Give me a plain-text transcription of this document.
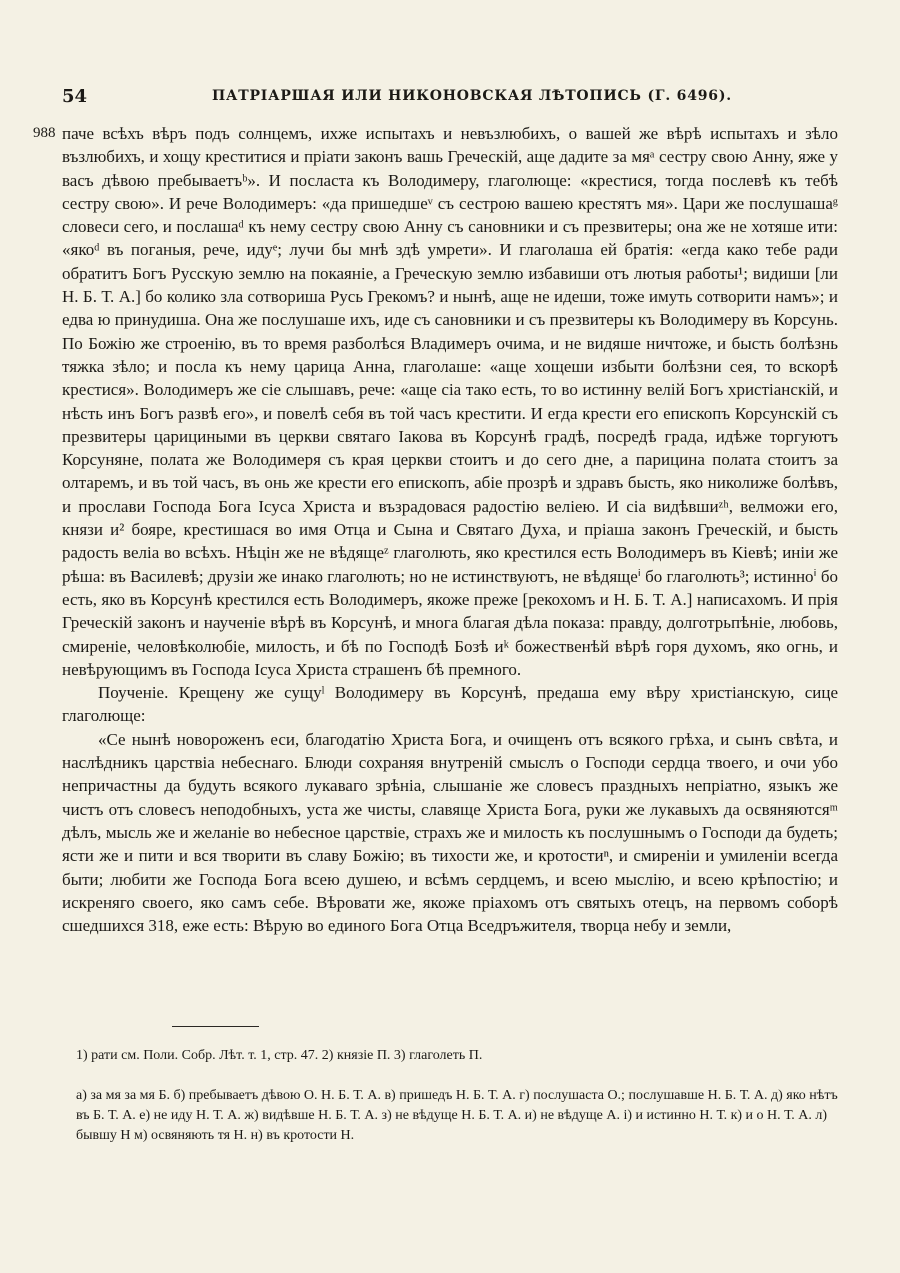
54	ПАТРІАРШАЯ ИЛИ НИКОНОВСКАЯ ЛѢТОПИСЬ (Г. 6496).
988 паче всѣхъ вѣръ подъ солнцемъ, ихже испытахъ и невъзлюбихъ, о вашей же вѣрѣ испытахъ и зѣло възлюбихъ, и хощу креститися и пріати законъ вашь Греческій, аще дадите за мяᵃ сестру свою Анну, яже у васъ дѣвою пребываетъᵇ». И посласта къ Володимеру, глаголюще: «крестися, тогда послевѣ къ тебѣ сестру свою». И рече Володимеръ: «да пришедшеᵛ съ сестрою вашею крестятъ мя». Цари же послушашаᵍ словеси сего, и послашаᵈ къ нему сестру свою Анну съ сановники и съ презвитеры; она же не хотяше ити: «якоᵈ въ поганыя, рече, идуᵉ; лучи бы мнѣ здѣ умрети». И глаголаша ей братія: «егда како тебе ради обратитъ Богъ Русскую землю на покаяніе, а Греческую землю избавиши отъ лютыя работы¹; видиши [ли Н. Б. Т. А.] бо колико зла сотвориша Русь Грекомъ? и нынѣ, аще не идеши, тоже имуть сотворити намъ»; и едва ю принудиша. Она же послушаше ихъ, иде съ сановники и съ презвитеры къ Володимеру въ Корсунь. По Божію же строенію, въ то время разболѣся Владимеръ очима, и не видяше ничтоже, и бысть болѣзнь тяжка зѣло; и посла къ нему царица Анна, глаголаше: «аще хощеши избыти болѣзни сея, то вскорѣ крестися». Володимеръ же сіе слышавъ, рече: «аще сіа тако есть, то во истинну велій Богъ христіанскій, и нѣсть инъ Богъ развѣ его», и повелѣ себя въ той часъ крестити. И егда крести его епископъ Корсунскій съ презвитеры царициными въ церкви святаго Іакова въ Корсунѣ градѣ, посредѣ града, идѣже торгуютъ Корсуняне, полата же Володимеря съ края церкви стоитъ и до сего дне, а парицина полата стоитъ за олтаремъ, и въ той часъ, въ онь же крести его епископъ, абіе прозрѣ и здравъ бысть, яко николиже болѣвъ, и прослави Господа Бога Ісуса Христа и възрадовася радостію веліею. И сіа видѣвшиᶻʰ, велможи его, князи и² бояре, крестишася во имя Отца и Сына и Святаго Духа, и пріаша законъ Греческій, и бысть радость веліа во всѣхъ. Нѣцін же не вѣдящеᶻ глаголють, яко крестился есть Володимеръ въ Кіевѣ; иніи же рѣша: въ Василевѣ; друзіи же инако глаголють; но не истинствуютъ, не вѣдящеⁱ бо глаголють³; истинноⁱ бо есть, яко въ Корсунѣ крестился есть Володимеръ, якоже преже [рекохомъ и Н. Б. Т. А.] написахомъ. И прія Греческій законъ и наученіе вѣрѣ въ Корсунѣ, и многа благая дѣла показа: правду, долготрьпѣніе, любовь, смиреніе, человѣколюбіе, милость, и бѣ по Господѣ Бозѣ иᵏ божественѣй вѣрѣ горя духомъ, яко огнь, и невѣрующимъ въ Господа Ісуса Христа страшенъ бѣ премного.

Поученіе. Крещену же сущуˡ Володимеру въ Корсунѣ, предаша ему вѣру христіанскую, сице глаголюще:

«Се нынѣ новороженъ еси, благодатію Христа Бога, и очищенъ отъ всякого грѣха, и сынъ свѣта, и наслѣдникъ царствіа небеснаго. Блюди сохраняя внутреній смыслъ о Господи сердца твоего, и очи убо непричастны да будуть всякого лукаваго зрѣніа, слышаніе же словесъ праздныхъ непріатно, языкъ же чистъ отъ словесъ неподобныхъ, уста же чисты, славяще Христа Бога, руки же лукавыхъ да освяняютсяᵐ дѣлъ, мысль же и желаніе во небесное царствіе, страхъ же и милость къ послушнымъ о Господи да будеть; ясти же и пити и вся творити въ славу Божію; въ тихости же, и кротостиⁿ, и смиреніи и умиленіи всегда быти; любити же Господа Бога всею душею, и всѣмъ сердцемъ, и всею мыслію, и всею крѣпостію; и искреняго своего, яко самъ себе. Вѣровати же, якоже пріахомъ отъ святыхъ отецъ, на первомъ соборѣ сшедшихся 318, еже есть: Вѣрую во единого Бога Отца Вседръжителя, творца небу и земли,

1) рати см. Поли. Собр. Лѣт. т. 1, стр. 47. 2) князіе П. 3) глаголеть П.

а) за мя за мя Б. б) пребываетъ дѣвою О. Н. Б. Т. А. в) пришедъ Н. Б. Т. А. г) послушаста О.; послушавше Н. Б. Т. А. д) яко нѣтъ въ Б. Т. А. е) не иду Н. Т. А. ж) видѣвше Н. Б. Т. А. з) не вѣдуще Н. Б. Т. А. и) не вѣдуще А. і) и истинно Н. Т. к) и о Н. Т. А. л) бывшу Н м) освяняють тя Н. н) въ кротости Н.
